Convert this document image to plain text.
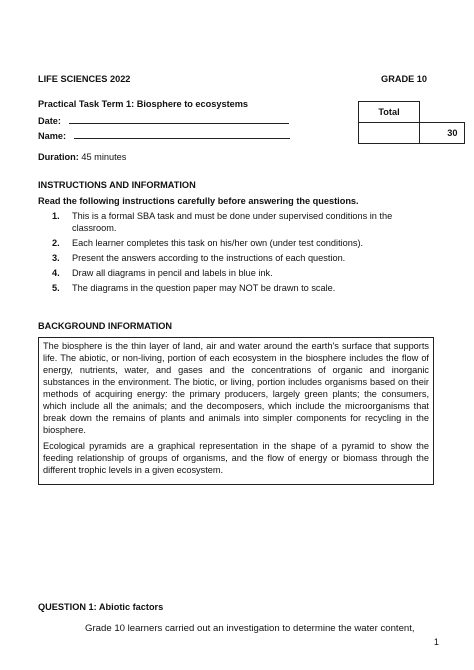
LIFE SCIENCES 2022	GRADE 10
Practical Task Term 1: Biosphere to ecosystems
Date:
Name:
Total	
	30
Duration: 45 minutes
INSTRUCTIONS AND INFORMATION
Read the following instructions carefully before answering the questions.
1. This is a formal SBA task and must be done under supervised conditions in the classroom.
2. Each learner completes this task on his/her own (under test conditions).
3. Present the answers according to the instructions of each question.
4. Draw all diagrams in pencil and labels in blue ink.
5. The diagrams in the question paper may NOT be drawn to scale.
BACKGROUND INFORMATION

The biosphere is the thin layer of land, air and water around the earth's surface that supports life. The abiotic, or non-living, portion of each ecosystem in the biosphere includes the flow of energy, nutrients, water, and gases and the concentrations of organic and inorganic substances in the environment. The biotic, or living, portion includes organisms based on their methods of acquiring energy: the primary producers, largely green plants; the consumers, which include all the animals; and the decomposers, which include the microorganisms that break down the remains of plants and animals into simpler components for recycling in the biosphere.

Ecological pyramids are a graphical representation in the shape of a pyramid to show the feeding relationship of groups of organisms, and the flow of energy or biomass through the different trophic levels in a given ecosystem.

QUESTION 1: Abiotic factors
Grade 10 learners carried out an investigation to determine the water content,
1
